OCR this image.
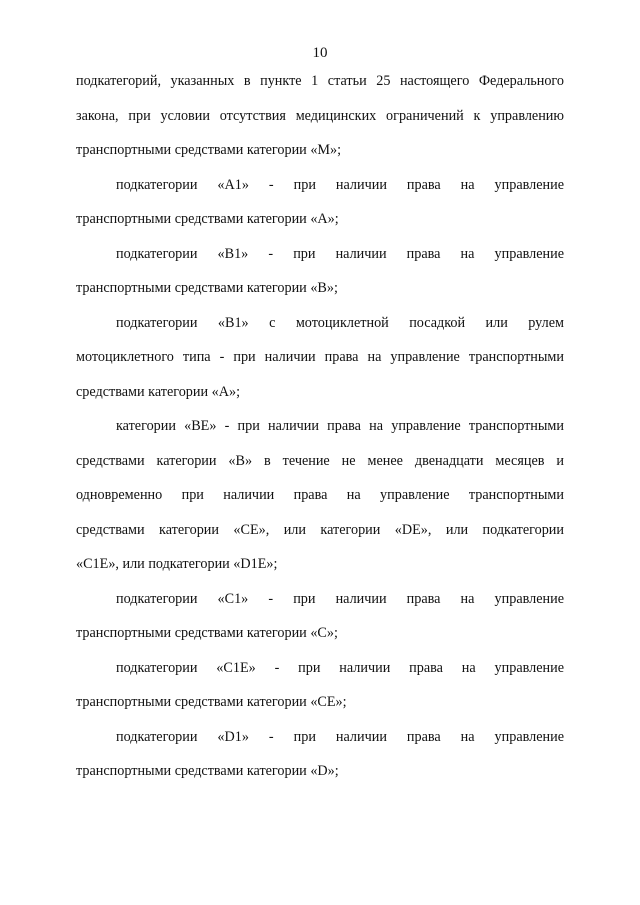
10
подкатегорий, указанных в пункте 1 статьи 25 настоящего Федерального
закона, при условии отсутствия медицинских ограничений к управлению
транспортными средствами категории «M»;
подкатегории «A1» - при наличии права на управление
транспортными средствами категории «A»;
подкатегории «B1» - при наличии права на управление
транспортными средствами категории «B»;
подкатегории «B1» с мотоциклетной посадкой или рулем
мотоциклетного типа - при наличии права на управление транспортными
средствами категории «A»;
категории «BE» - при наличии права на управление транспортными
средствами категории «B» в течение не менее двенадцати месяцев и
одновременно при наличии права на управление транспортными
средствами категории «CE», или категории «DE», или подкатегории
«C1E», или подкатегории «D1E»;
подкатегории «C1» - при наличии права на управление
транспортными средствами категории «C»;
подкатегории «C1E» - при наличии права на управление
транспортными средствами категории «CE»;
подкатегории «D1» - при наличии права на управление
транспортными средствами категории «D»;
